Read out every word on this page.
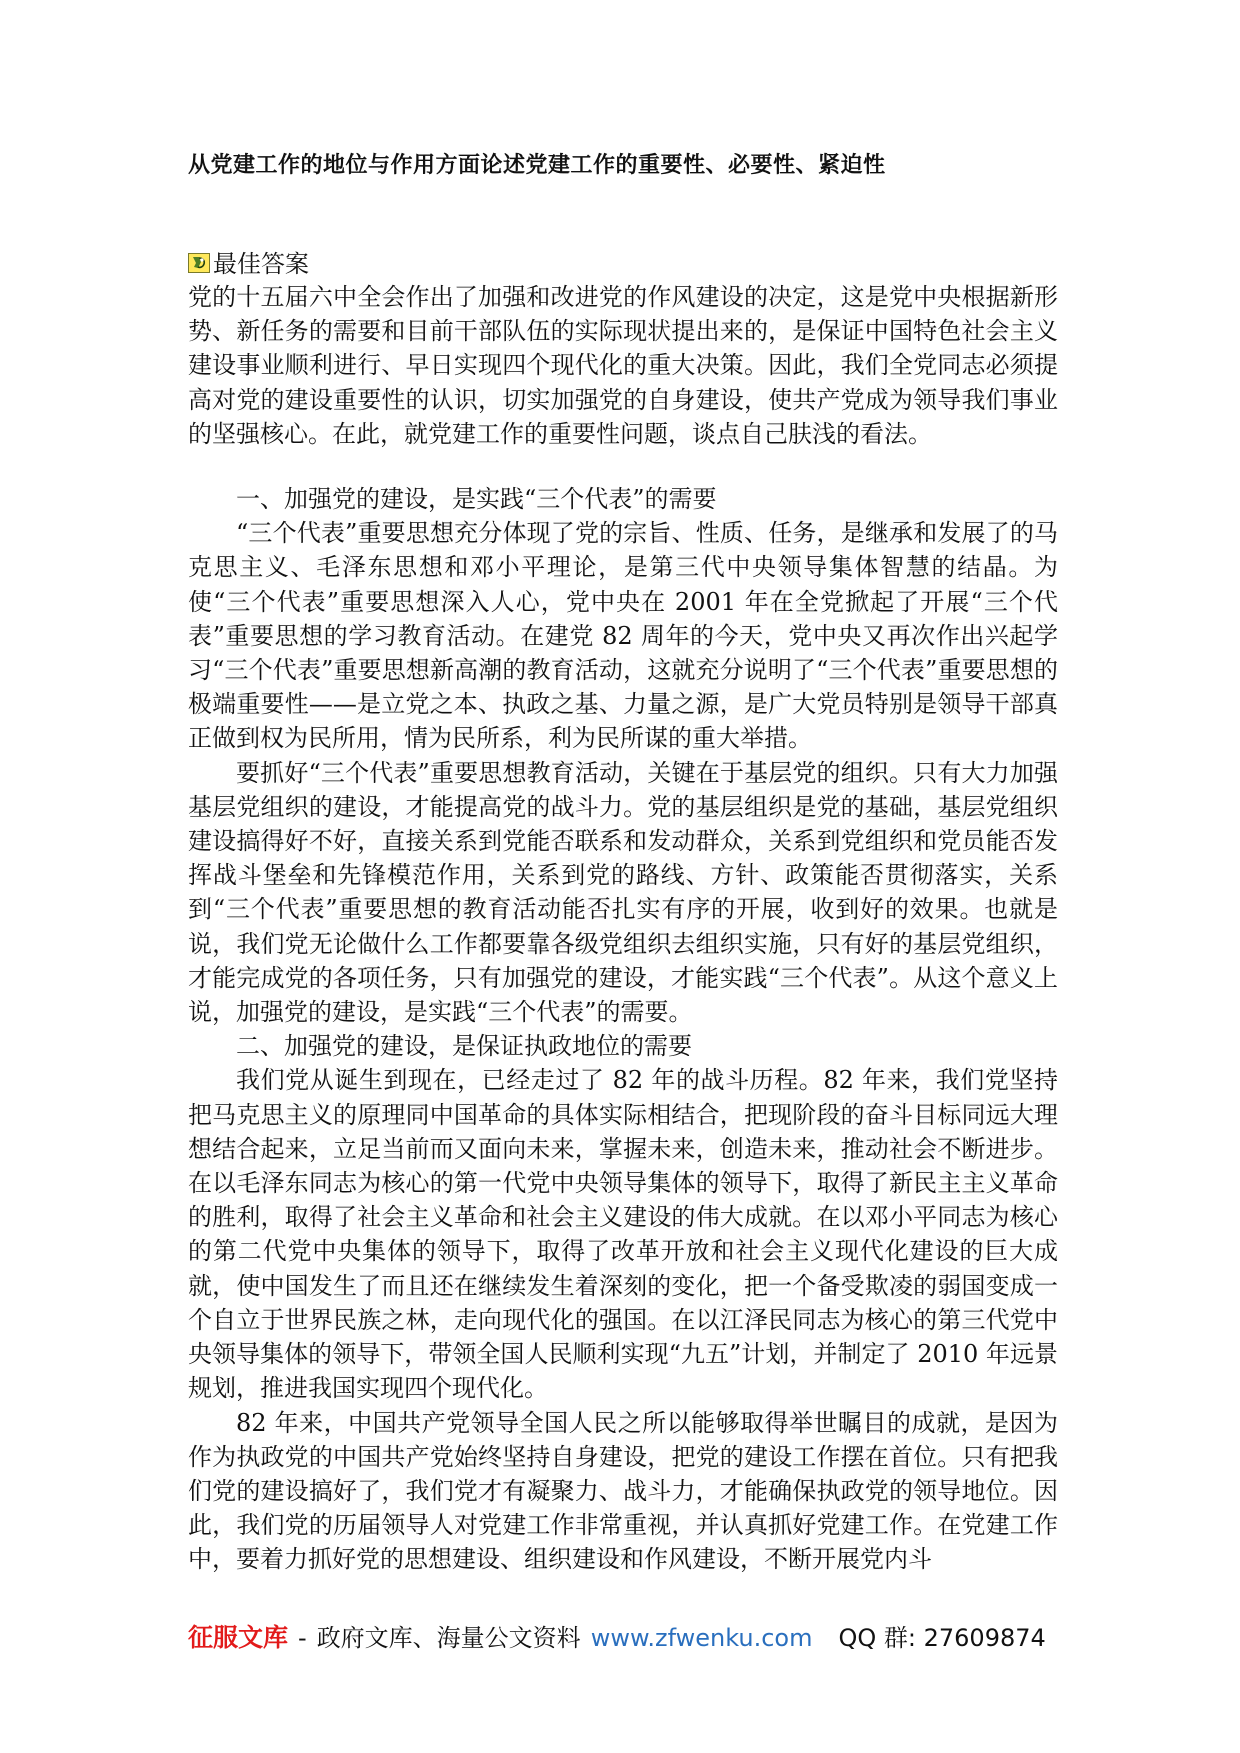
从党建工作的地位与作用方面论述党建工作的重要性、必要性、紧迫性
最佳答案

党的十五届六中全会作出了加强和改进党的作风建设的决定，这是党中央根据新形势、新任务的需要和目前干部队伍的实际现状提出来的，是保证中国特色社会主义建设事业顺利进行、早日实现四个现代化的重大决策。因此，我们全党同志必须提高对党的建设重要性的认识，切实加强党的自身建设，使共产党成为领导我们事业的坚强核心。在此，就党建工作的重要性问题，谈点自己肤浅的看法。

一、加强党的建设，是实践“三个代表”的需要

“三个代表”重要思想充分体现了党的宗旨、性质、任务，是继承和发展了的马克思主义、毛泽东思想和邓小平理论，是第三代中央领导集体智慧的结晶。为使“三个代表”重要思想深入人心，党中央在 2001 年在全党掀起了开展“三个代表”重要思想的学习教育活动。在建党 82 周年的今天，党中央又再次作出兴起学习“三个代表”重要思想新高潮的教育活动，这就充分说明了“三个代表”重要思想的极端重要性——是立党之本、执政之基、力量之源，是广大党员特别是领导干部真正做到权为民所用，情为民所系，利为民所谋的重大举措。

要抓好“三个代表”重要思想教育活动，关键在于基层党的组织。只有大力加强基层党组织的建设，才能提高党的战斗力。党的基层组织是党的基础，基层党组织建设搞得好不好，直接关系到党能否联系和发动群众，关系到党组织和党员能否发挥战斗堡垒和先锋模范作用，关系到党的路线、方针、政策能否贯彻落实，关系到“三个代表”重要思想的教育活动能否扎实有序的开展，收到好的效果。也就是说，我们党无论做什么工作都要靠各级党组织去组织实施，只有好的基层党组织，才能完成党的各项任务，只有加强党的建设，才能实践“三个代表”。从这个意义上说，加强党的建设，是实践“三个代表”的需要。

二、加强党的建设，是保证执政地位的需要

我们党从诞生到现在，已经走过了 82 年的战斗历程。82 年来，我们党坚持把马克思主义的原理同中国革命的具体实际相结合，把现阶段的奋斗目标同远大理想结合起来，立足当前而又面向未来，掌握未来，创造未来，推动社会不断进步。在以毛泽东同志为核心的第一代党中央领导集体的领导下，取得了新民主主义革命的胜利，取得了社会主义革命和社会主义建设的伟大成就。在以邓小平同志为核心的第二代党中央集体的领导下，取得了改革开放和社会主义现代化建设的巨大成就，使中国发生了而且还在继续发生着深刻的变化，把一个备受欺凌的弱国变成一个自立于世界民族之林，走向现代化的强国。在以江泽民同志为核心的第三代党中央领导集体的领导下，带领全国人民顺利实现“九五”计划，并制定了 2010 年远景规划，推进我国实现四个现代化。

82 年来，中国共产党领导全国人民之所以能够取得举世瞩目的成就，是因为作为执政党的中国共产党始终坚持自身建设，把党的建设工作摆在首位。只有把我们党的建设搞好了，我们党才有凝聚力、战斗力，才能确保执政党的领导地位。因此，我们党的历届领导人对党建工作非常重视，并认真抓好党建工作。在党建工作中，要着力抓好党的思想建设、组织建设和作风建设，不断开展党内斗

征服文库 - 政府文库、海量公文资料 www.zfwenku.com QQ 群: 27609874
